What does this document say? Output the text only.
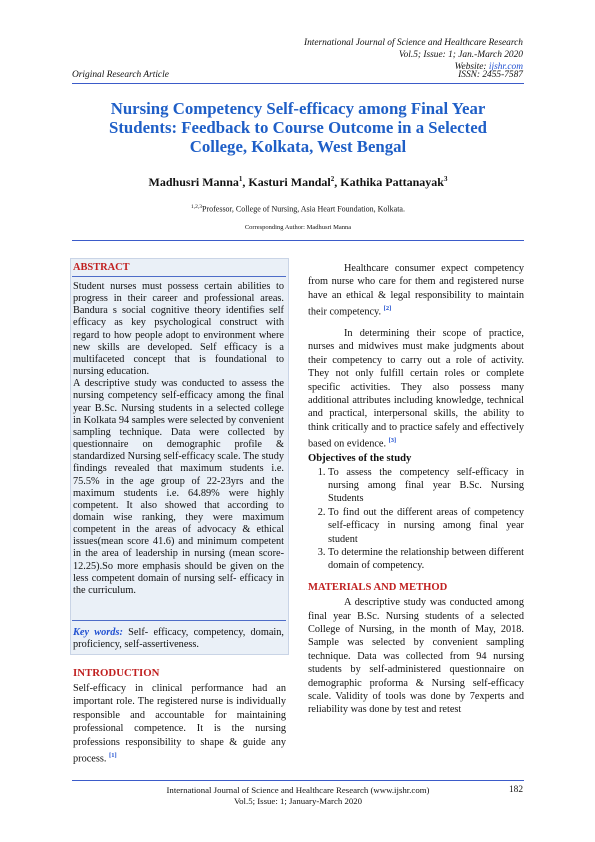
International Journal of Science and Healthcare Research
Vol.5; Issue: 1; Jan.-March 2020
Website: ijshr.com
Original Research Article	ISSN: 2455-7587
Nursing Competency Self-efficacy among Final Year Students: Feedback to Course Outcome in a Selected College, Kolkata, West Bengal
Madhusri Manna$^1$, Kasturi Mandal$^2$, Kathika Pattanayak$^3$
$^{1,2,3}$Professor, College of Nursing, Asia Heart Foundation, Kolkata.
Corresponding Author: Madhusri Manna
ABSTRACT

Student nurses must possess certain abilities to progress in their career and professional areas. Bandura s social cognitive theory identifies self efficacy as key psychological construct with regard to how people adopt to environment where new skills are developed. Self efficacy is a multifaceted concept that is foundational to nursing education.

A descriptive study was conducted to assess the nursing competency self-efficacy among the final year B.Sc. Nursing students in a selected college in Kolkata 94 samples were selected by convenient sampling technique. Data were collected by questionnaire on demographic profile & standardized Nursing self-efficacy scale. The study findings revealed that maximum students i.e. 75.5% in the age group of 22-23yrs and the maximum students i.e. 64.89% were highly competent. It also showed that according to domain wise ranking, they were maximum competent in the areas of advocacy & ethical issues(mean score 41.6) and minimum competent in the area of leadership in nursing (mean score-12.25).So more emphasis should be given on the less competent domain of nursing self- efficacy in the curriculum.

Key words: Self- efficacy, competency, domain, proficiency, self-assertiveness.
INTRODUCTION

Self-efficacy in clinical performance had an important role. The registered nurse is individually responsible and accountable for maintaining professional competence. It is the nursing professions responsibility to shape & guide any process. [1]

Healthcare consumer expect competency from nurse who care for them and registered nurse have an ethical & legal responsibility to maintain their competency. [2]

In determining their scope of practice, nurses and midwives must make judgments about their competency to carry out a role of activity. They not only fulfill certain roles or complete specific activities. They also possess many additional attributes including knowledge, technical and practical, interpersonal skills, the ability to think critically and to practice safely and effectively based on evidence. [3]

Objectives of the study

1. To assess the competency self-efficacy in nursing among final year B.Sc. Nursing Students
2. To find out the different areas of competency self-efficacy in nursing among final year student
3. To determine the relationship between different domain of competency.

MATERIALS AND METHOD

A descriptive study was conducted among final year B.Sc. Nursing students of a selected College of Nursing, in the month of May, 2018. Sample was selected by convenient sampling technique. Data was collected from 94 nursing students by self-administered questionnaire on demographic proforma & Nursing self-efficacy scale. Validity of tools was done by 7experts and reliability was done by test and retest

International Journal of Science and Healthcare Research (www.ijshr.com)
Vol.5; Issue: 1; January-March 2020
182
